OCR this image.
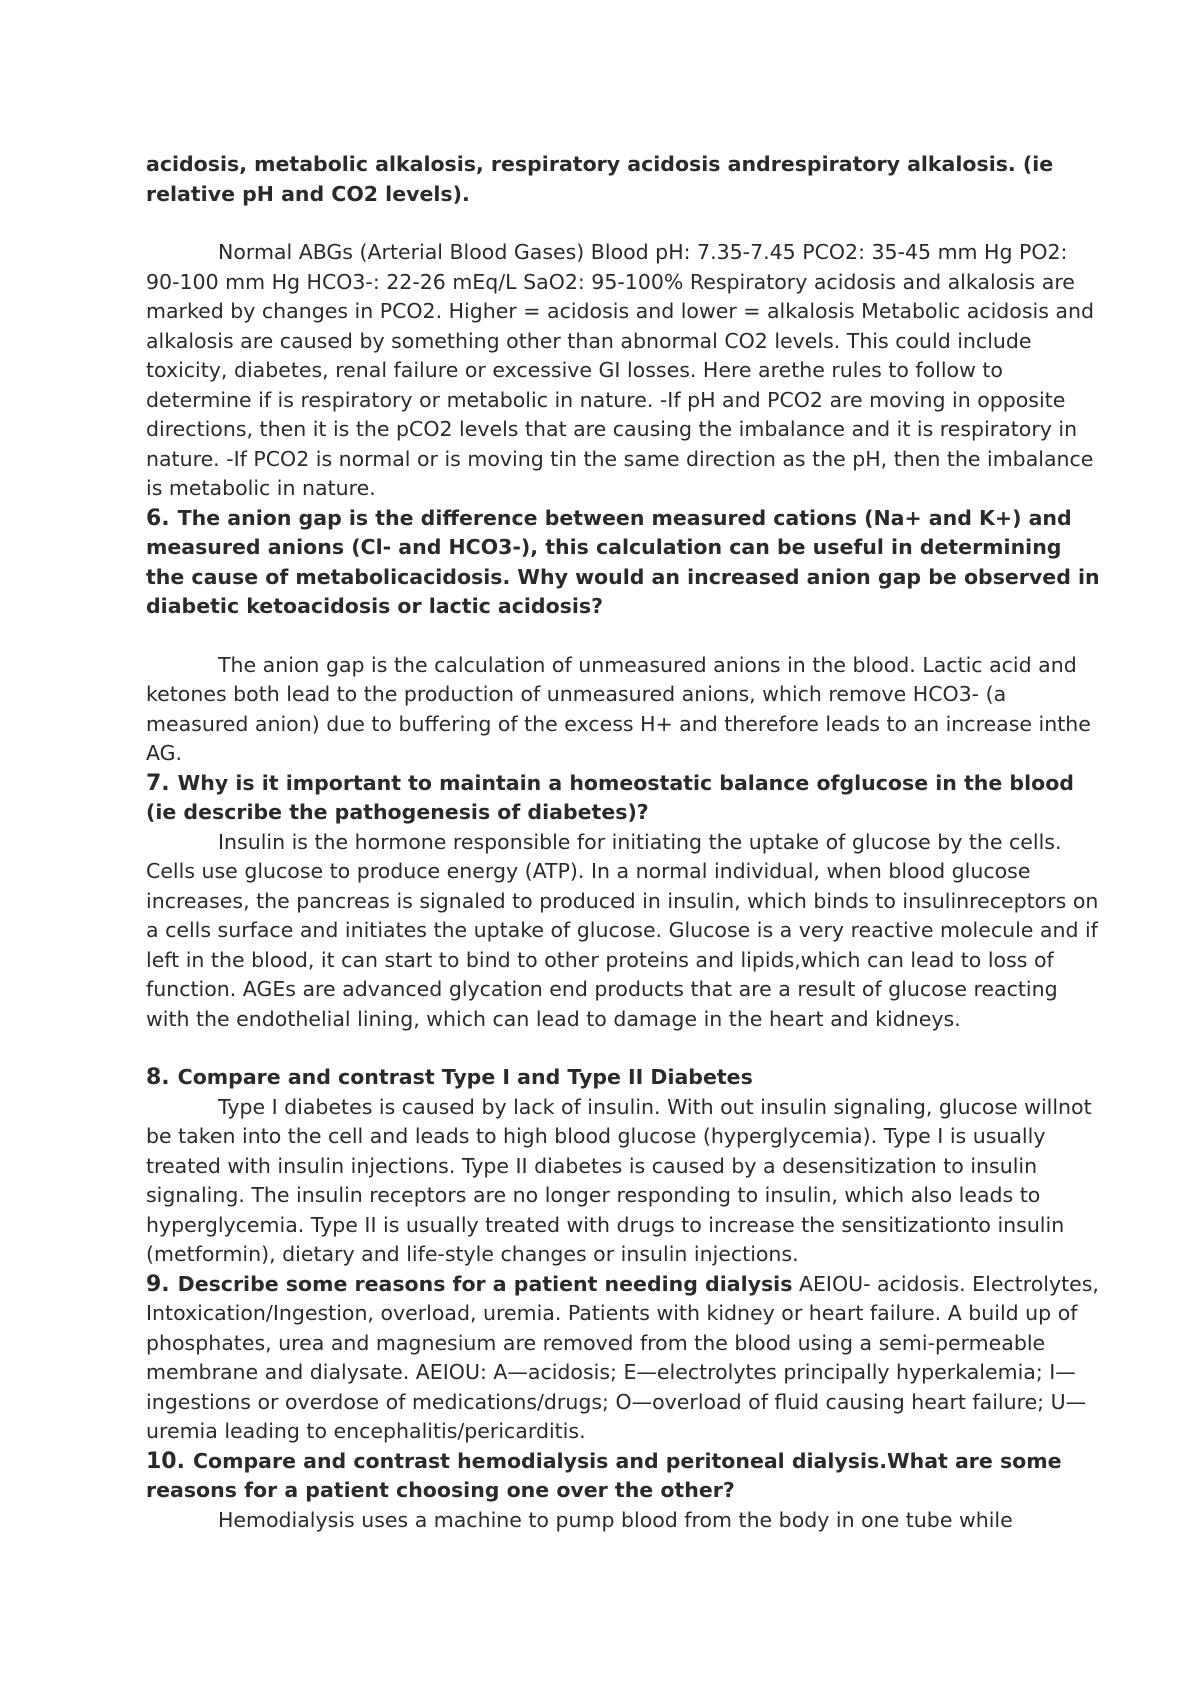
acidosis, metabolic alkalosis, respiratory acidosis andrespiratory alkalosis. (ie relative pH and CO2 levels).

Normal ABGs (Arterial Blood Gases) Blood pH: 7.35-7.45 PCO2: 35-45 mm Hg PO2: 90-100 mm Hg HCO3-: 22-26 mEq/L SaO2: 95-100% Respiratory acidosis and alkalosis are marked by changes in PCO2. Higher = acidosis and lower = alkalosis Metabolic acidosis and alkalosis are caused by something other than abnormal CO2 levels. This could include toxicity, diabetes, renal failure or excessive GI losses. Here arethe rules to follow to determine if is respiratory or metabolic in nature. -If pH and PCO2 are moving in opposite directions, then it is the pCO2 levels that are causing the imbalance and it is respiratory in nature. -If PCO2 is normal or is moving tin the same direction as the pH, then the imbalance is metabolic in nature.

6. The anion gap is the difference between measured cations (Na+ and K+) and measured anions (Cl- and HCO3-), this calculation can be useful in determining the cause of metabolicacidosis. Why would an increased anion gap be observed in diabetic ketoacidosis or lactic acidosis?

The anion gap is the calculation of unmeasured anions in the blood. Lactic acid and ketones both lead to the production of unmeasured anions, which remove HCO3- (a measured anion) due to buffering of the excess H+ and therefore leads to an increase inthe AG.

7. Why is it important to maintain a homeostatic balance ofglucose in the blood (ie describe the pathogenesis of diabetes)?

Insulin is the hormone responsible for initiating the uptake of glucose by the cells. Cells use glucose to produce energy (ATP). In a normal individual, when blood glucose increases, the pancreas is signaled to produced in insulin, which binds to insulinreceptors on a cells surface and initiates the uptake of glucose. Glucose is a very reactive molecule and if left in the blood, it can start to bind to other proteins and lipids,which can lead to loss of function. AGEs are advanced glycation end products that are a result of glucose reacting with the endothelial lining, which can lead to damage in the heart and kidneys.

8. Compare and contrast Type I and Type II Diabetes

Type I diabetes is caused by lack of insulin. With out insulin signaling, glucose willnot be taken into the cell and leads to high blood glucose (hyperglycemia). Type I is usually treated with insulin injections. Type II diabetes is caused by a desensitization to insulin signaling. The insulin receptors are no longer responding to insulin, which also leads to hyperglycemia. Type II is usually treated with drugs to increase the sensitizationto insulin (metformin), dietary and life-style changes or insulin injections.

9. Describe some reasons for a patient needing dialysis AEIOU- acidosis. Electrolytes, Intoxication/Ingestion, overload, uremia. Patients with kidney or heart failure. A build up of phosphates, urea and magnesium are removed from the blood using a semi-permeable membrane and dialysate. AEIOU: A—acidosis; E—electrolytes principally hyperkalemia; I—ingestions or overdose of medications/drugs; O—overload of fluid causing heart failure; U—uremia leading to encephalitis/pericarditis.

10. Compare and contrast hemodialysis and peritoneal dialysis.What are some reasons for a patient choosing one over the other?

Hemodialysis uses a machine to pump blood from the body in one tube while
